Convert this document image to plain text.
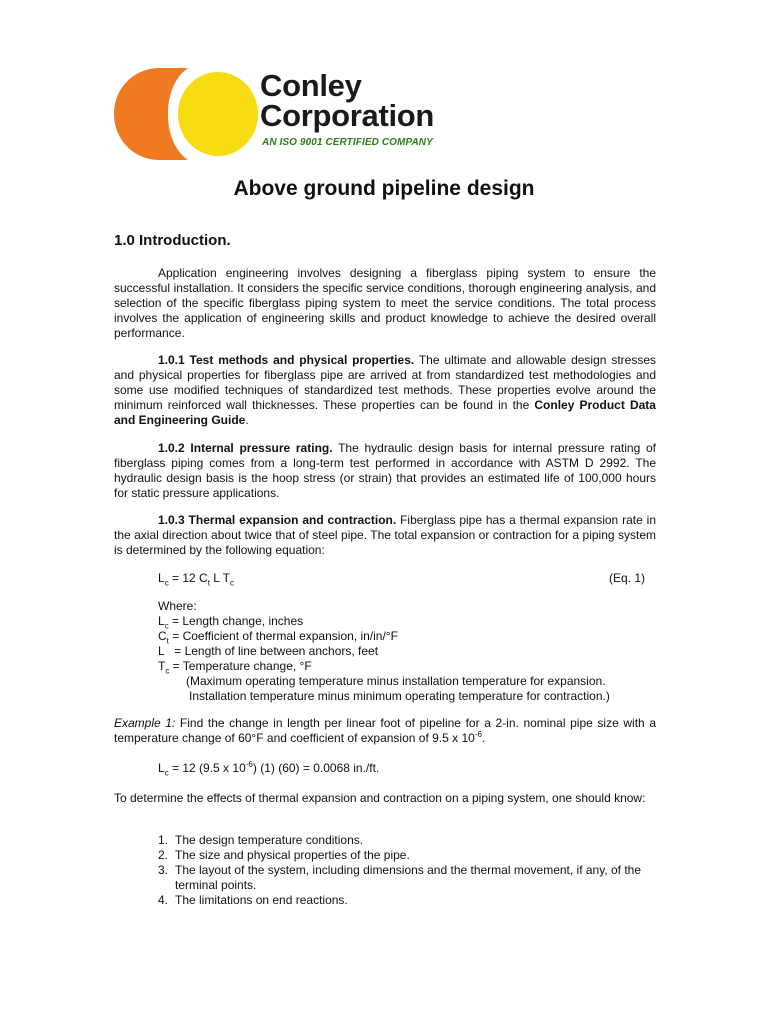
Conley
Corporation
AN ISO 9001 CERTIFIED COMPANY
Above ground pipeline design
1.0 Introduction.

Application engineering involves designing a fiberglass piping system to ensure the successful installation. It considers the specific service conditions, thorough engineering analysis, and selection of the specific fiberglass piping system to meet the service conditions. The total process involves the application of engineering skills and product knowledge to achieve the desired overall performance.

1.0.1 Test methods and physical properties. The ultimate and allowable design stresses and physical properties for fiberglass pipe are arrived at from standardized test methodologies and some use modified techniques of standardized test methods. These properties evolve around the minimum reinforced wall thicknesses. These properties can be found in the Conley Product Data and Engineering Guide.

1.0.2 Internal pressure rating. The hydraulic design basis for internal pressure rating of fiberglass piping comes from a long-term test performed in accordance with ASTM D 2992. The hydraulic design basis is the hoop stress (or strain) that provides an estimated life of 100,000 hours for static pressure applications.

1.0.3 Thermal expansion and contraction. Fiberglass pipe has a thermal expansion rate in the axial direction about twice that of steel pipe. The total expansion or contraction for a piping system is determined by the following equation:

$L_c = 12$ $C_t$ L $T_c$	(Eq. 1)
Where:
$L_c$ = Length change, inches
$C_t$ = Coefficient of thermal expansion, in/in/°F
L   = Length of line between anchors, feet
$T_c$ = Temperature change, °F
(Maximum operating temperature minus installation temperature for expansion.
Installation temperature minus minimum operating temperature for contraction.)

Example 1: Find the change in length per linear foot of pipeline for a 2-in. nominal pipe size with a temperature change of 60°F and coefficient of expansion of 9.5 x $10^{-6}$.

$L_c = 12$ (9.5 x $10^{-6}$) (1) (60) = 0.0068 in./ft.

To determine the effects of thermal expansion and contraction on a piping system, one should know:

1. The design temperature conditions.
2. The size and physical properties of the pipe.
3. The layout of the system, including dimensions and the thermal movement, if any, of the terminal points.
4. The limitations on end reactions.
